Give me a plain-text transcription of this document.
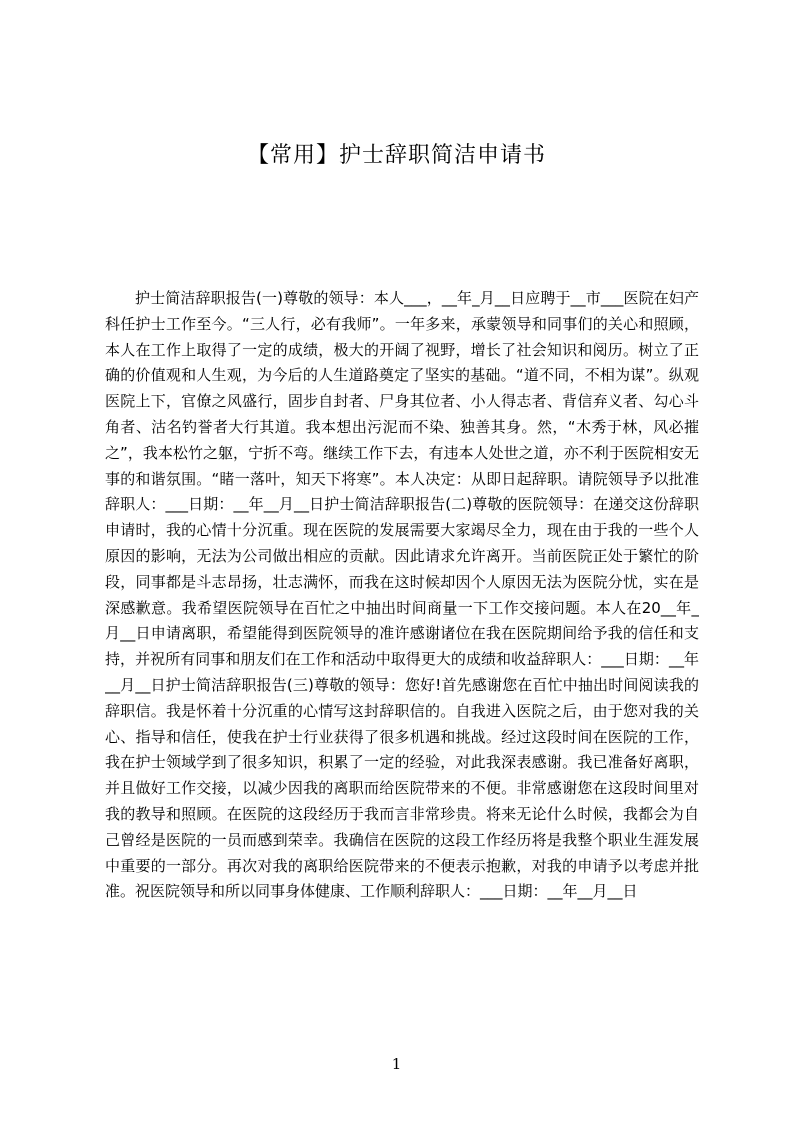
【常用】护士辞职简洁申请书

护士简洁辞职报告(一)尊敬的领导：本人___，__年_月__日应聘于__市___医院在妇产科任护士工作至今。“三人行，必有我师”。一年多来，承蒙领导和同事们的关心和照顾，本人在工作上取得了一定的成绩，极大的开阔了视野，增长了社会知识和阅历。树立了正确的价值观和人生观，为今后的人生道路奠定了坚实的基础。“道不同，不相为谋”。纵观医院上下，官僚之风盛行，固步自封者、尸身其位者、小人得志者、背信弃义者、勾心斗角者、沽名钓誉者大行其道。我本想出污泥而不染、独善其身。然，“木秀于林，风必摧之”，我本松竹之躯，宁折不弯。继续工作下去，有违本人处世之道，亦不利于医院相安无事的和谐氛围。“睹一落叶，知天下将寒”。本人决定：从即日起辞职。请院领导予以批准辞职人：___日期：__年__月__日护士简洁辞职报告(二)尊敬的医院领导：在递交这份辞职申请时，我的心情十分沉重。现在医院的发展需要大家竭尽全力，现在由于我的一些个人原因的影响，无法为公司做出相应的贡献。因此请求允许离开。当前医院正处于繁忙的阶段，同事都是斗志昂扬，壮志满怀，而我在这时候却因个人原因无法为医院分忧，实在是深感歉意。我希望医院领导在百忙之中抽出时间商量一下工作交接问题。本人在20__年_月__日申请离职，希望能得到医院领导的准许感谢诸位在我在医院期间给予我的信任和支持，并祝所有同事和朋友们在工作和活动中取得更大的成绩和收益辞职人：___日期：__年__月__日护士简洁辞职报告(三)尊敬的领导：您好!首先感谢您在百忙中抽出时间阅读我的辞职信。我是怀着十分沉重的心情写这封辞职信的。自我进入医院之后，由于您对我的关心、指导和信任，使我在护士行业获得了很多机遇和挑战。经过这段时间在医院的工作，我在护士领域学到了很多知识，积累了一定的经验，对此我深表感谢。我已准备好离职，并且做好工作交接，以减少因我的离职而给医院带来的不便。非常感谢您在这段时间里对我的教导和照顾。在医院的这段经历于我而言非常珍贵。将来无论什么时候，我都会为自己曾经是医院的一员而感到荣幸。我确信在医院的这段工作经历将是我整个职业生涯发展中重要的一部分。再次对我的离职给医院带来的不便表示抱歉，对我的申请予以考虑并批准。祝医院领导和所以同事身体健康、工作顺利辞职人：___日期：__年__月__日

1
